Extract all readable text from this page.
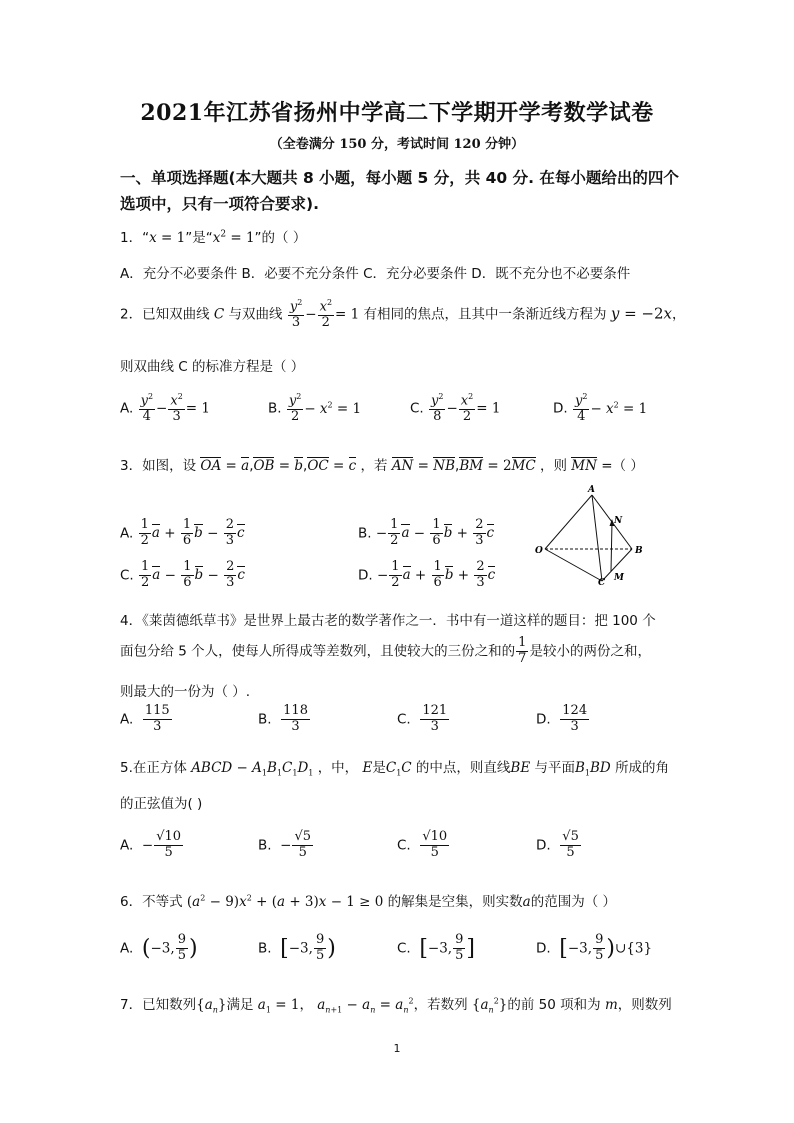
2021年江苏省扬州中学高二下学期开学考数学试卷
（全卷满分 150 分，考试时间 120 分钟）
一、单项选择题(本大题共 8 小题，每小题 5 分，共 40 分. 在每小题给出的四个
选项中，只有一项符合要求).
1．“x = 1”是“$x^2 = 1$”的（ ）
A．充分不必要条件 B．必要不充分条件 C．充分必要条件 D．既不充分也不必要条件
2．已知双曲线 C 与双曲线 $\frac{y^2}{3} - \frac{x^2}{2} = 1$ 有相同的焦点，且其中一条渐近线方程为 y = −2x，
则双曲线 C 的标准方程是（ ）
A. $\frac{y^2}{4} - \frac{x^2}{3} = 1$	B. $\frac{y^2}{2} - x^2 = 1$	C. $\frac{y^2}{8} - \frac{x^2}{2} = 1$	D. $\frac{y^2}{4} - x^2 = 1$
3．如图，设 OA = a,OB = b,OC = c ，若 AN = NB,BM = 2MC ，则 MN =（ ）
A. $\frac{1}{2}$ $a + \frac{1}{6}$ $b - \frac{2}{3}$ c	B. − $\frac{1}{2}$ $a - \frac{1}{6}$ $b + \frac{2}{3}$ c
C. $\frac{1}{2}$ $a - \frac{1}{6}$ $b - \frac{2}{3}$ c	D. − $\frac{1}{2}$ $a + \frac{1}{6}$ $b + \frac{2}{3}$ c
A
N
O	B
M
C
4．《莱茵德纸草书》是世界上最古老的数学著作之一．书中有一道这样的题目：把 100 个
面包分给 5 个人，使每人所得成等差数列，且使较大的三份之和的 $\frac{1}{7}$ 是较小的两份之和，
则最大的一份为（ ）.
A. $\frac{115}{3}$	B. $\frac{118}{3}$	C. $\frac{121}{3}$	D. $\frac{124}{3}$
5.在正方体 ABCD − $A_1B_1C_1D_1$ ，中， E是$C_1C$ 的中点，则直线BE 与平面$B_1BD$ 所成的角
的正弦值为( )
A. − $\frac{√10}{5}$	B. − $\frac{√5}{5}$	C. $\frac{√10}{5}$	D. $\frac{√5}{5}$
6．不等式 $(a^2 - 9)x^2 + (a + 3)x - 1 \ge 0$ 的解集是空集，则实数a的范围为（ ）
A. (−3, $\frac{9}{5}$ )	B. [−3, $\frac{9}{5}$ )	C. [−3, $\frac{9}{5}$ ]	D. [−3, $\frac{9}{5}$ )∪{3}
7．已知数列$\{a_n\}$满足 $a_1 = 1$， $a_{n+1} - a_n = a_n^2$，若数列 $\{a_n^2\}$的前 50 项和为 m，则数列
1
